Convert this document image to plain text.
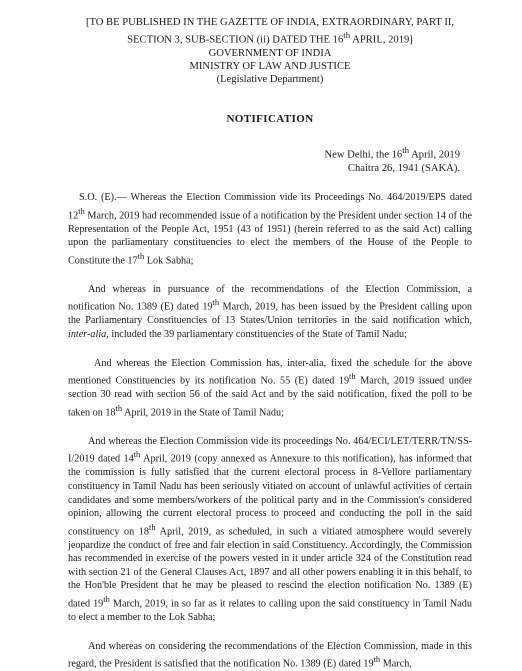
[TO BE PUBLISHED IN THE GAZETTE OF INDIA, EXTRAORDINARY, PART II,
SECTION 3, SUB-SECTION (ii) DATED THE 16th APRIL, 2019]
GOVERNMENT OF INDIA
MINISTRY OF LAW AND JUSTICE
(Legislative Department)
NOTIFICATION
New Delhi, the 16th April, 2019
Chaitra 26, 1941 (SAKA).

S.O. (E).— Whereas the Election Commission vide its Proceedings No. 464/2019/EPS dated 12th March, 2019 had recommended issue of a notification by the President under section 14 of the Representation of the People Act, 1951 (43 of 1951) (herein referred to as the said Act) calling upon the parliamentary constituencies to elect the members of the House of the People to Constitute the 17th Lok Sabha;

And whereas in pursuance of the recommendations of the Election Commission, a notification No. 1389 (E) dated 19th March, 2019, has been issued by the President calling upon the Parliamentary Constituencies of 13 States/Union territories in the said notification which, inter-alia, included the 39 parliamentary constituencies of the State of Tamil Nadu;

And whereas the Election Commission has, inter-alia, fixed the schedule for the above mentioned Constituencies by its notification No. 55 (E) dated 19th March, 2019 issued under section 30 read with section 56 of the said Act and by the said notification, fixed the poll to be taken on 18th April, 2019 in the State of Tamil Nadu;

And whereas the Election Commission vide its proceedings No. 464/ECI/LET/TERR/TN/SS-I/2019 dated 14th April, 2019 (copy annexed as Annexure to this notification), has informed that the commission is fully satisfied that the current electoral process in 8-Vellore parliamentary constituency in Tamil Nadu has been seriously vitiated on account of unlawful activities of certain candidates and some members/workers of the political party and in the Commission's considered opinion, allowing the current electoral process to proceed and conducting the poll in the said constituency on 18th April, 2019, as scheduled, in such a vitiated atmosphere would severely jeopardize the conduct of free and fair election in said Constituency. Accordingly, the Commission has recommended in exercise of the powers vested in it under article 324 of the Constitution read with section 21 of the General Clauses Act, 1897 and all other powers enabling it in this behalf, to the Hon'ble President that he may be pleased to rescind the election notification No. 1389 (E) dated 19th March, 2019, in so far as it relates to calling upon the said constituency in Tamil Nadu to elect a member to the Lok Sabha;

And whereas on considering the recommendations of the Election Commission, made in this regard, the President is satisfied that the notification No. 1389 (E) dated 19th March,
